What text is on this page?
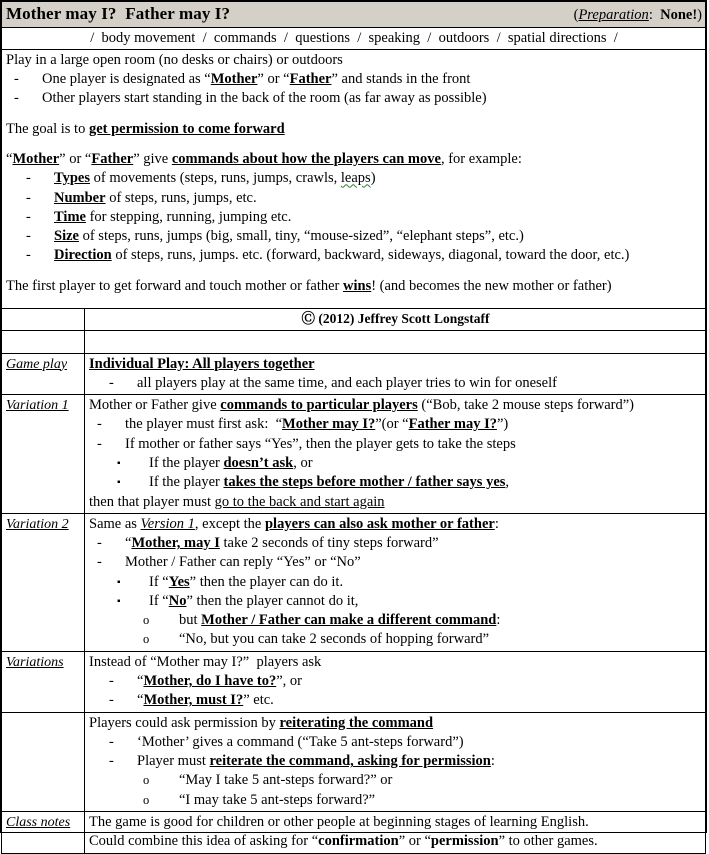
Mother may I?  Father may I? (Preparation:  None!)	

/  body movement  /  commands  /  questions  /  speaking  /  outdoors  /  spatial directions  /	

Play in a large open room (no desks or chairs) or outdoors
- One player is designated as “Mother” or “Father” and stands in the front
- Other players start standing in the back of the room (as far away as possible)
The goal is to get permission to come forward
“Mother” or “Father” give commands about how the players can move, for example:
- Types of movements (steps, runs, jumps, crawls, leaps)
- Number of steps, runs, jumps, etc.
- Time for stepping, running, jumping etc.
- Size of steps, runs, jumps (big, small, tiny, “mouse-sized”, “elephant steps”, etc.)
- Direction of steps, runs, jumps. etc. (forward, backward, sideways, diagonal, toward the door, etc.)
The first player to get forward and touch mother or father wins! (and becomes the new mother or father)

	Ⓒ (2012) Jeffrey Scott Longstaff

Game play	Individual Play: All players together
- all players play at the same time, and each player tries to win for oneself

Variation 1	Mother or Father give commands to particular players (“Bob, take 2 mouse steps forward”)
- the player must first ask:  “Mother may I?”(or “Father may I?”)
- If mother or father says “Yes”, then the player gets to take the steps
▪ If the player doesn’t ask, or
▪ If the player takes the steps before mother / father says yes,
then that player must go to the back and start again

Variation 2	Same as Version 1, except the players can also ask mother or father:
- “Mother, may I take 2 seconds of tiny steps forward”
- Mother / Father can reply “Yes” or “No”
▪ If “Yes” then the player can do it.
▪ If “No” then the player cannot do it,
o but Mother / Father can make a different command:
o “No, but you can take 2 seconds of hopping forward”

Variations	Instead of “Mother may I?”  players ask
- “Mother, do I have to?”, or
- “Mother, must I?” etc.

	Players could ask permission by reiterating the command
- ‘Mother’ gives a command (“Take 5 ant-steps forward”)
- Player must reiterate the command, asking for permission:
o “May I take 5 ant-steps forward?” or
o “I may take 5 ant-steps forward?”

Class notes	The game is good for children or other people at beginning stages of learning English.
Could combine this idea of asking for “confirmation” or “permission” to other games.
